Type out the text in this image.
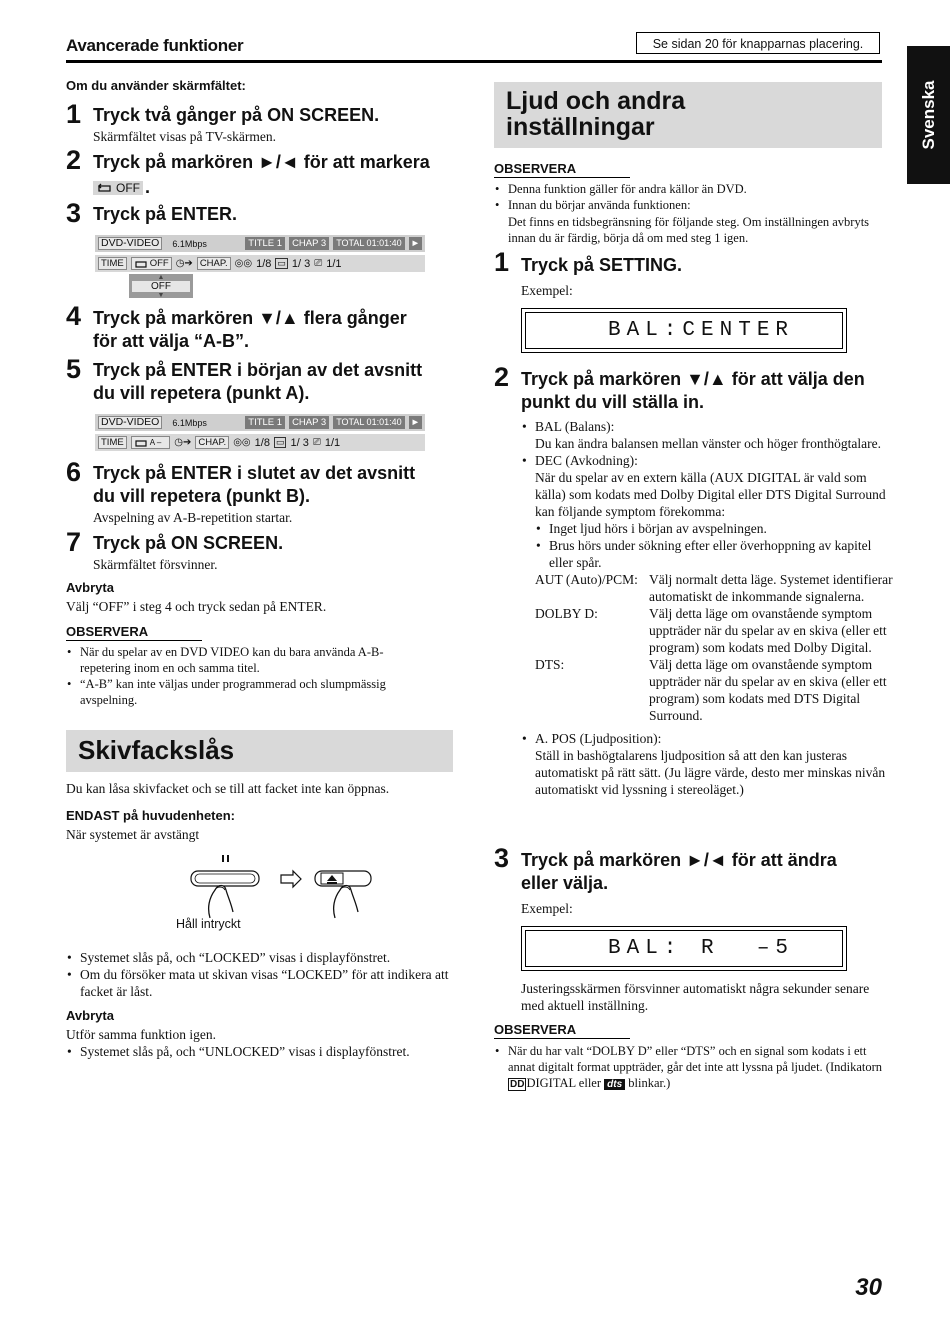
Avancerade funktioner	Se sidan 20 för knapparnas placering.
Svenska
Om du använder skärmfältet:
1 Tryck två gånger på ON SCREEN.
Skärmfältet visas på TV-skärmen.
2 Tryck på markören ►/◄ för att markera
OFF .
3 Tryck på ENTER.
DVD-VIDEO	6.1Mbps	TITLE 1	CHAP 3	TOTAL 01:01:40 ►
TIME	OFF ◷➔ CHAP. ◎◎ 1/8 ▭ 1/ 3 ⎚ 1/1
▲
OFF
▼
4 Tryck på markören ▼/▲ flera gånger
för att välja “A-B”.
5 Tryck på ENTER i början av det avsnitt
du vill repetera (punkt A).
DVD-VIDEO	6.1Mbps	TITLE 1	CHAP 3	TOTAL 01:01:40 ►
TIME	A – ◷➔ CHAP. ◎◎ 1/8 ▭ 1/ 3 ⎚ 1/1
6 Tryck på ENTER i slutet av det avsnitt
du vill repetera (punkt B).
Avspelning av A-B-repetition startar.
7 Tryck på ON SCREEN.
Skärmfältet försvinner.
Avbryta
Välj “OFF” i steg 4 och tryck sedan på ENTER.
OBSERVERA
• När du spelar av en DVD VIDEO kan du bara använda A-B-repetering inom en och samma titel.
• “A-B” kan inte väljas under programmerad och slumpmässig avspelning.
Skivfackslås
Du kan låsa skivfacket och se till att facket inte kan öppnas.
ENDAST på huvudenheten:
När systemet är avstängt
Håll intryckt
• Systemet slås på, och “LOCKED” visas i displayfönstret.
• Om du försöker mata ut skivan visas “LOCKED” för att indikera att facket är låst.
Avbryta
Utför samma funktion igen.
• Systemet slås på, och “UNLOCKED” visas i displayfönstret.
Ljud och andra
inställningar
OBSERVERA
• Denna funktion gäller för andra källor än DVD.
• Innan du börjar använda funktionen:
Det finns en tidsbegränsning för följande steg. Om inställningen avbryts innan du är färdig, börja då om med steg 1 igen.
1 Tryck på SETTING.
Exempel:
BAL:CENTER
2 Tryck på markören ▼/▲ för att välja den
punkt du vill ställa in.
• BAL (Balans):
Du kan ändra balansen mellan vänster och höger fronthögtalare.
• DEC (Avkodning):
När du spelar av en extern källa (AUX DIGITAL är vald som källa) som kodats med Dolby Digital eller DTS Digital Surround kan följande symptom förekomma:
• Inget ljud hörs i början av avspelningen.
• Brus hörs under sökning efter eller överhoppning av kapitel eller spår.
AUT (Auto)/PCM: Välj normalt detta läge. Systemet identifierar automatiskt de inkommande signalerna.
DOLBY D:	Välj detta läge om ovanstående symptom uppträder när du spelar av en skiva (eller ett program) som kodats med Dolby Digital.
DTS:	Välj detta läge om ovanstående symptom uppträder när du spelar av en skiva (eller ett program) som kodats med DTS Digital Surround.
• A. POS (Ljudposition):
Ställ in bashögtalarens ljudposition så att den kan justeras automatiskt på rätt sätt. (Ju lägre värde, desto mer minskas nivån automatiskt vid lyssning i stereoläget.)
3 Tryck på markören ►/◄ för att ändra
eller välja.
Exempel:
BAL: R  –5
Justeringsskärmen försvinner automatiskt några sekunder senare med aktuell inställning.
OBSERVERA
• När du har valt “DOLBY D” eller “DTS” och en signal som kodats i ett annat digitalt format uppträder, går det inte att lyssna på ljudet. (Indikatorn DD DIGITAL eller dts blinkar.)
30
